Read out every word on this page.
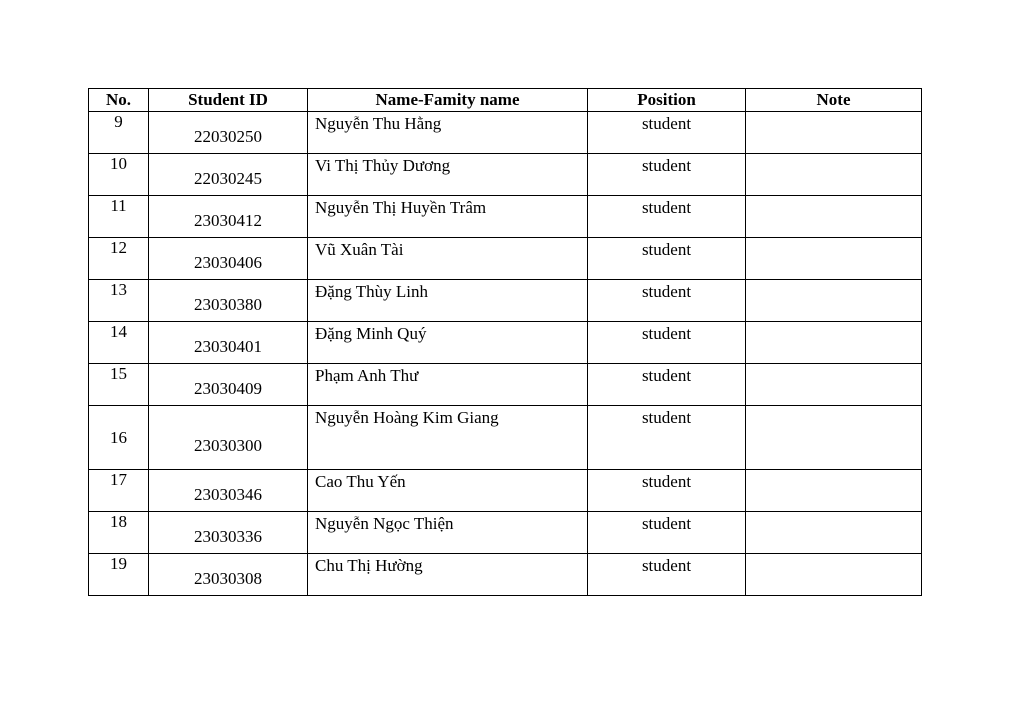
No.	Student ID	Name-Famity name	Position	Note
9	22030250	Nguyễn Thu Hằng	student	
10	22030245	Vi Thị Thủy Dương	student	
11	23030412	Nguyễn Thị Huyền Trâm	student	
12	23030406	Vũ Xuân Tài	student	
13	23030380	Đặng Thùy Linh	student	
14	23030401	Đặng Minh Quý	student	
15	23030409	Phạm Anh Thư	student	
16	23030300	Nguyễn Hoàng Kim Giang	student	
17	23030346	Cao Thu Yến	student	
18	23030336	Nguyễn Ngọc Thiện	student	
19	23030308	Chu Thị Hường	student	
